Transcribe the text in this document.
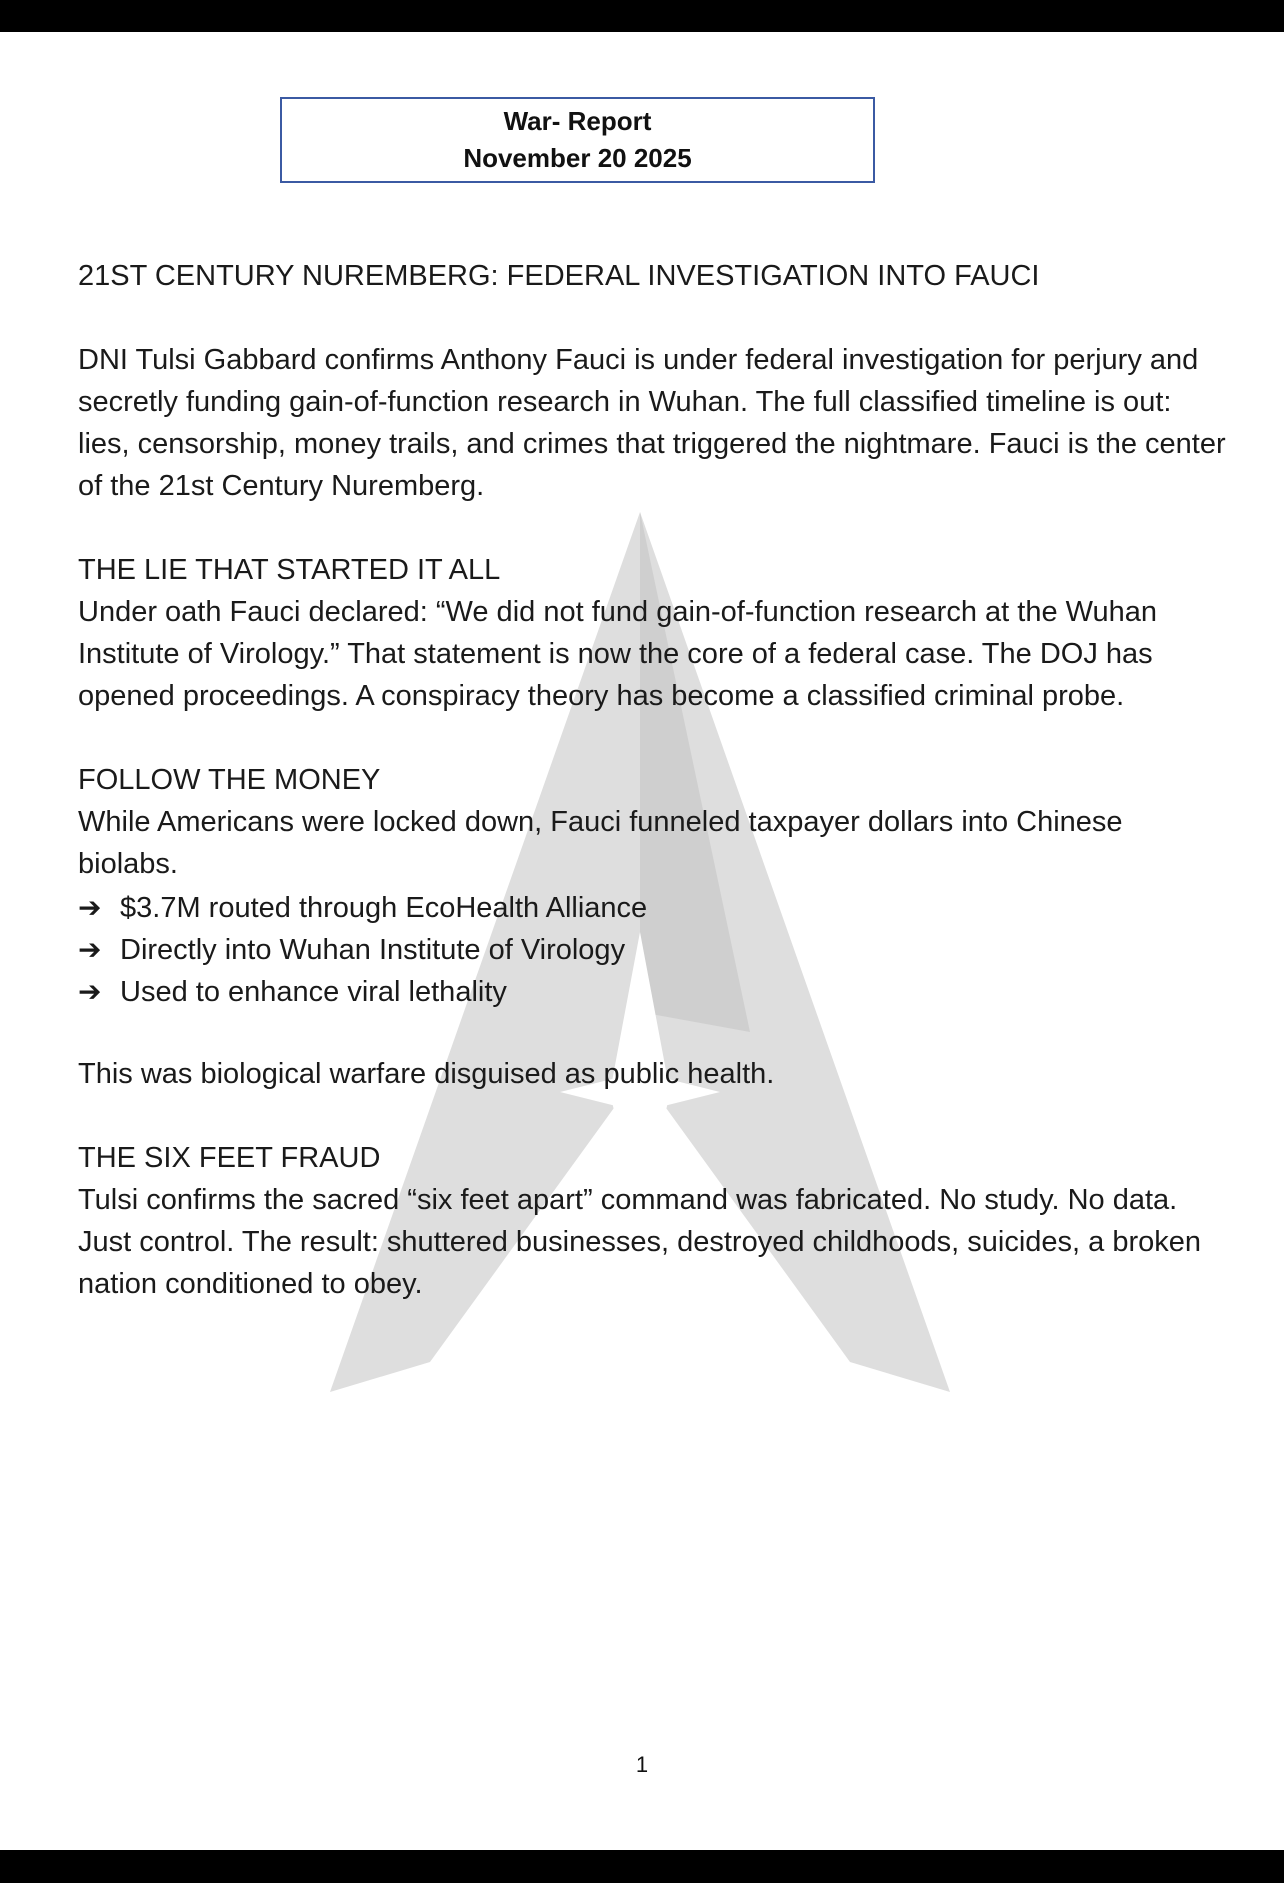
War- Report
November 20 2025
21ST CENTURY NUREMBERG: FEDERAL INVESTIGATION INTO FAUCI
DNI Tulsi Gabbard confirms Anthony Fauci is under federal investigation for perjury and secretly funding gain-of-function research in Wuhan. The full classified timeline is out: lies, censorship, money trails, and crimes that triggered the nightmare. Fauci is the center of the 21st Century Nuremberg.
THE LIE THAT STARTED IT ALL
Under oath Fauci declared: “We did not fund gain-of-function research at the Wuhan Institute of Virology.” That statement is now the core of a federal case. The DOJ has opened proceedings. A conspiracy theory has become a classified criminal probe.
FOLLOW THE MONEY
While Americans were locked down, Fauci funneled taxpayer dollars into Chinese biolabs.
➔ $3.7M routed through EcoHealth Alliance
➔ Directly into Wuhan Institute of Virology
➔ Used to enhance viral lethality
This was biological warfare disguised as public health.
THE SIX FEET FRAUD
Tulsi confirms the sacred “six feet apart” command was fabricated. No study. No data. Just control. The result: shuttered businesses, destroyed childhoods, suicides, a broken nation conditioned to obey.
1
